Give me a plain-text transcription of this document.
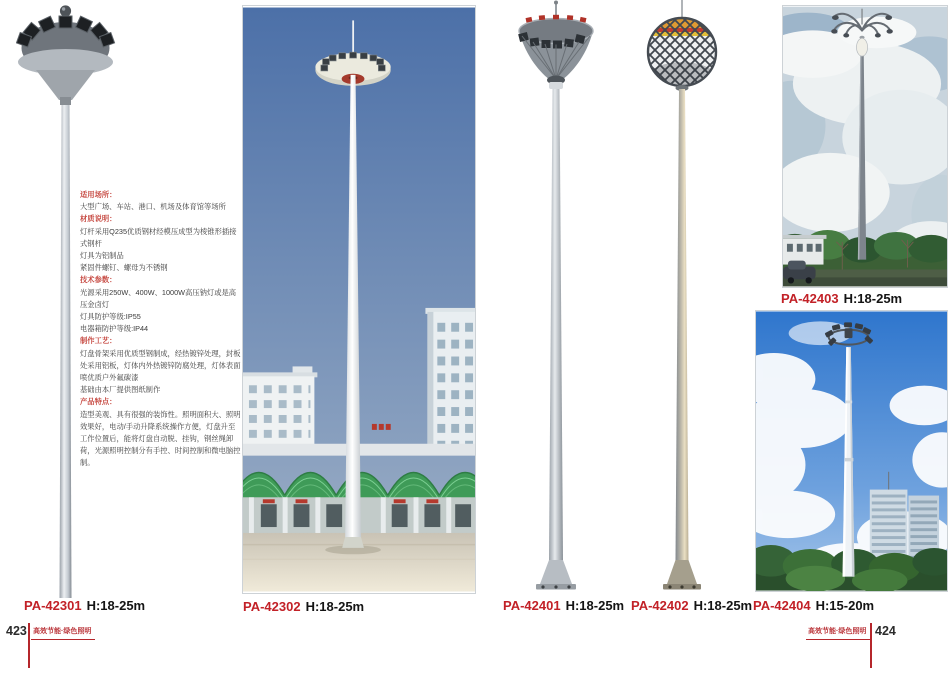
适用场所：
大型广场、车站、港口、机场及体育馆等场所
材质说明：
灯杆采用Q235优质钢材经模压成型为棱锥形插接式钢杆
灯具为铝制品
紧固件螺钉、螺母为不锈钢
技术参数：
光源采用250W、400W、1000W高压钠灯或是高压金卤灯
灯具防护等级:IP55
电器箱防护等级:IP44
制作工艺：
灯盘骨架采用优质型钢制成，经热镀锌处理，封板处采用铝板，灯体内外热镀锌防腐处理，灯体表面喷优质户外氟碳漆
基础由本厂提供图纸制作
产品特点：
造型美观、具有很强的装饰性。照明面积大、照明效果好，电动/手动升降系统操作方便，灯盘升至工作位置后，能将灯盘自动脱、挂钩，钢丝绳卸荷，光源照明控制分有手控、时间控制和微电脑控制。
PA-42301 H:18-25m	PA-42302 H:18-25m	PA-42401 H:18-25m PA-42402 H:18-25m
PA-42403 H:18-25m
PA-42404 H:15-20m
423 高效节能·绿色照明	高效节能·绿色照明 424
